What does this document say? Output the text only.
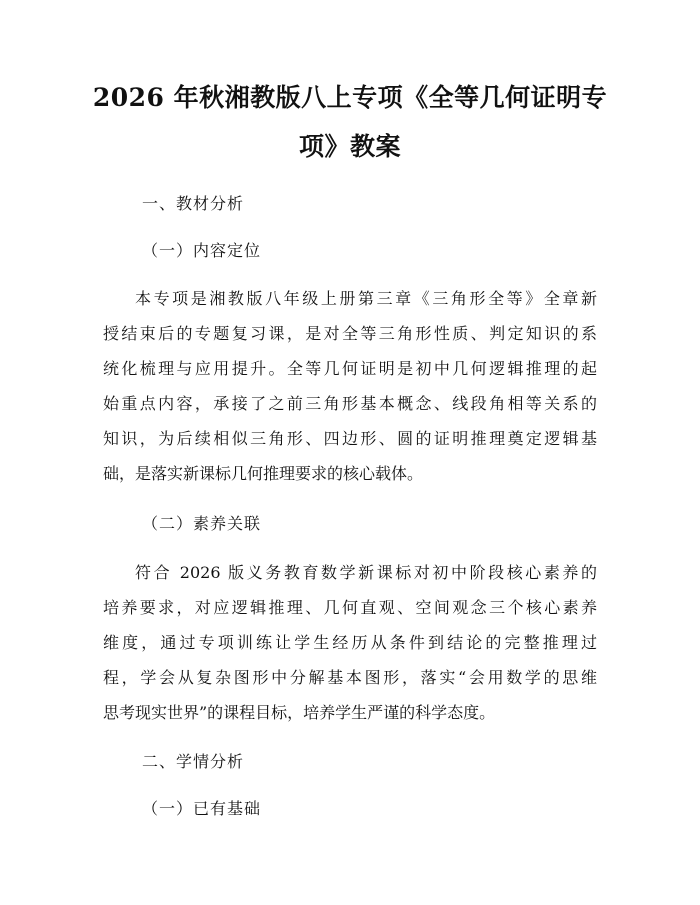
2026 年秋湘教版八上专项《全等几何证明专
项》教案

一、教材分析

（一）内容定位

本专项是湘教版八年级上册第三章《三角形全等》全章新

授结束后的专题复习课，是对全等三角形性质、判定知识的系

统化梳理与应用提升。全等几何证明是初中几何逻辑推理的起

始重点内容，承接了之前三角形基本概念、线段角相等关系的

知识，为后续相似三角形、四边形、圆的证明推理奠定逻辑基

础，是落实新课标几何推理要求的核心载体。

（二）素养关联

符合 2026 版义务教育数学新课标对初中阶段核心素养的

培养要求，对应逻辑推理、几何直观、空间观念三个核心素养

维度，通过专项训练让学生经历从条件到结论的完整推理过

程，学会从复杂图形中分解基本图形，落实“会用数学的思维

思考现实世界”的课程目标，培养学生严谨的科学态度。

二、学情分析

（一）已有基础
